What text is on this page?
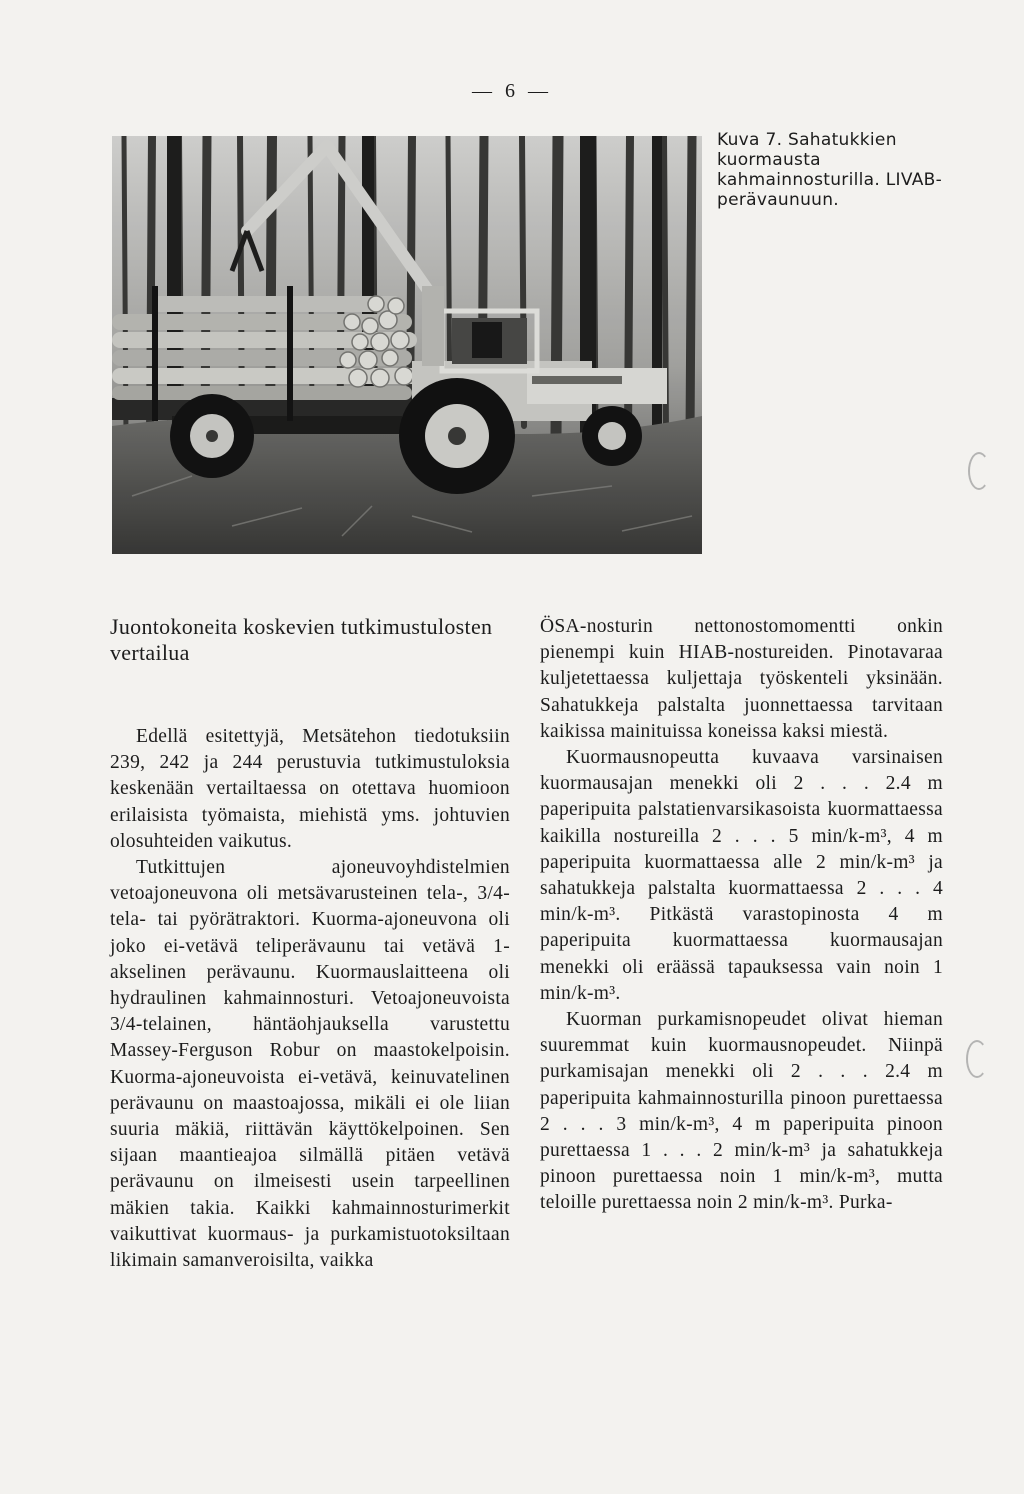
— 6 —
Kuva 7. Sahatukkien kuormausta kahmainnosturilla. LIVAB-perävaunuun.
Juontokoneita koskevien tutkimustulosten vertailua

Edellä esitettyjä, Metsätehon tiedotuksiin 239, 242 ja 244 perustuvia tutkimustuloksia keskenään vertailtaessa on otettava huomioon erilaisista työmaista, miehistä yms. johtuvien olosuhteiden vaikutus.

Tutkittujen ajoneuvoyhdistelmien vetoajoneuvona oli metsävarusteinen tela-, 3/4-tela- tai pyörätraktori. Kuorma-ajoneuvona oli joko ei-vetävä teliperävaunu tai vetävä 1-akselinen perävaunu. Kuormauslaitteena oli hydraulinen kahmainnosturi. Vetoajoneuvoista 3/4-telainen, häntäohjauksella varustettu Massey-Ferguson Robur on maastokelpoisin. Kuorma-ajoneuvoista ei-vetävä, keinuvatelinen perävaunu on maastoajossa, mikäli ei ole liian suuria mäkiä, riittävän käyttökelpoinen. Sen sijaan maantieajoa silmällä pitäen vetävä perävaunu on ilmeisesti usein tarpeellinen mäkien takia. Kaikki kahmainnosturimerkit vaikuttivat kuormaus- ja purkamistuotoksiltaan likimain samanveroisilta, vaikka

ÖSA-nosturin nettonostomomentti onkin pienempi kuin HIAB-nostureiden. Pinotavaraa kuljetettaessa kuljettaja työskenteli yksinään. Sahatukkeja palstalta juonnettaessa tarvitaan kaikissa mainituissa koneissa kaksi miestä.

Kuormausnopeutta kuvaava varsinaisen kuormausajan menekki oli 2 . . . 2.4 m paperipuita palstatienvarsikasoista kuormattaessa kaikilla nostureilla 2 . . . 5 min/k-m³, 4 m paperipuita kuormattaessa alle 2 min/k-m³ ja sahatukkeja palstalta kuormattaessa 2 . . . 4 min/k-m³. Pitkästä varastopinosta 4 m paperipuita kuormattaessa kuormausajan menekki oli eräässä tapauksessa vain noin 1 min/k-m³.

Kuorman purkamisnopeudet olivat hieman suuremmat kuin kuormausnopeudet. Niinpä purkamisajan menekki oli 2 . . . 2.4 m paperipuita kahmainnosturilla pinoon purettaessa 2 . . . 3 min/k-m³, 4 m paperipuita pinoon purettaessa 1 . . . 2 min/k-m³ ja sahatukkeja pinoon purettaessa noin 1 min/k-m³, mutta teloille purettaessa noin 2 min/k-m³. Purka-
